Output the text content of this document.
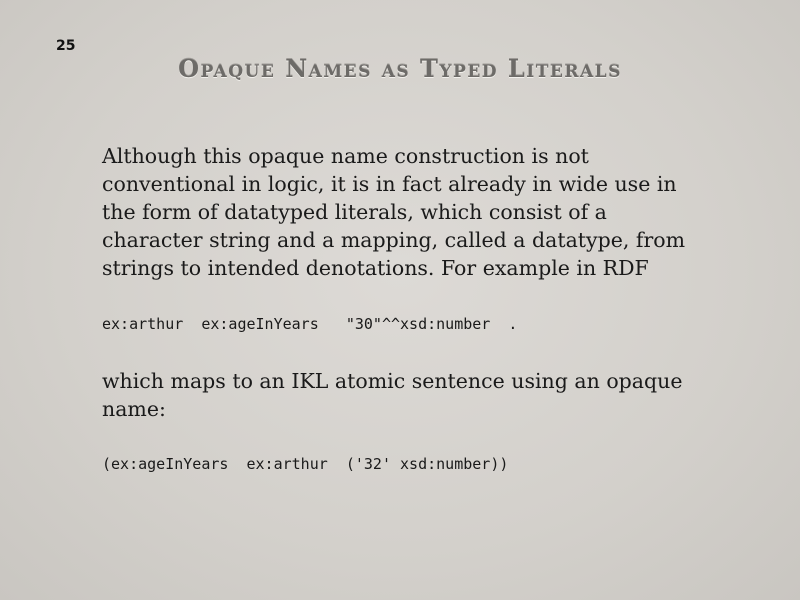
25
Opaque Names as Typed Literals

Although this opaque name construction is not conventional in logic, it is in fact already in wide use in the form of datatyped literals, which consist of a character string and a mapping, called a datatype, from strings to intended denotations. For example in RDF

ex:arthur  ex:ageInYears   "30"^^xsd:number  .

which maps to an IKL atomic sentence using an opaque name:

(ex:ageInYears  ex:arthur  ('32' xsd:number))
